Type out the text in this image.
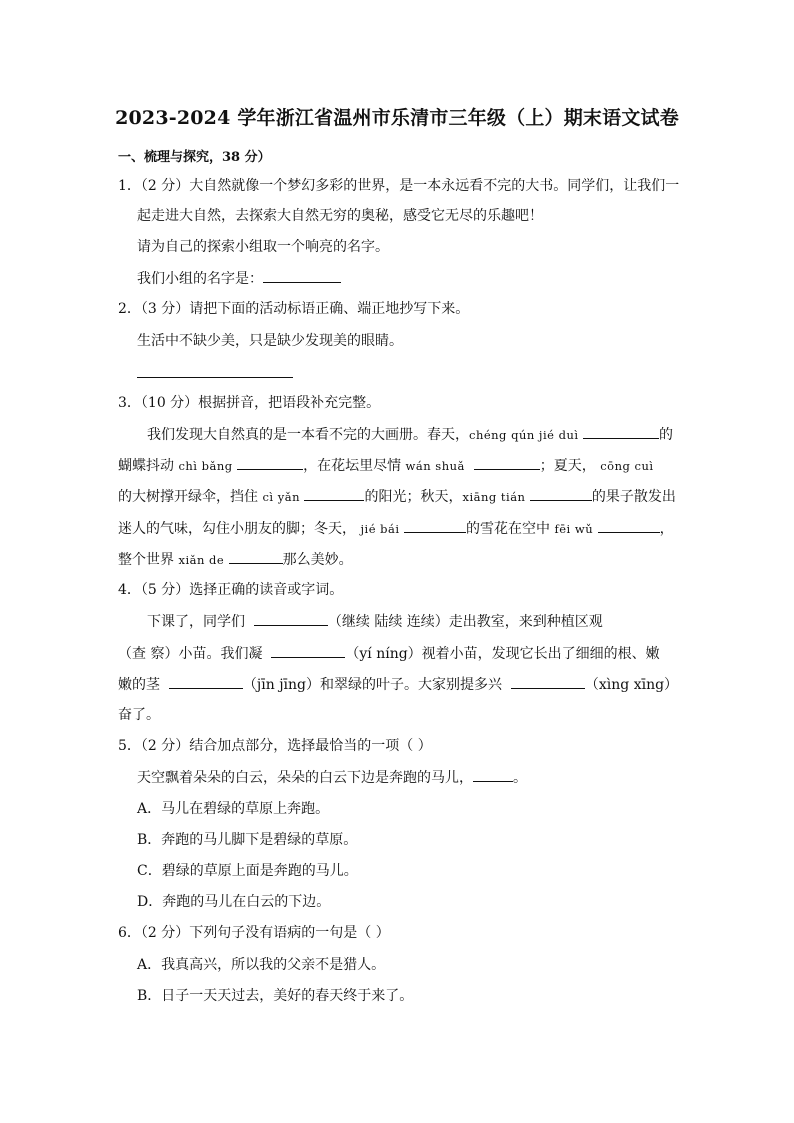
2023-2024 学年浙江省温州市乐清市三年级（上）期末语文试卷
一、梳理与探究，38 分）
1．（2 分）大自然就像一个梦幻多彩的世界，是一本永远看不完的大书。同学们，让我们一
起走进大自然，去探索大自然无穷的奥秘，感受它无尽的乐趣吧！
请为自己的探索小组取一个响亮的名字。
我们小组的名字是：
2．（3 分）请把下面的活动标语正确、端正地抄写下来。
生活中不缺少美，只是缺少发现美的眼睛。
3．（10 分）根据拼音，把语段补充完整。
我们发现大自然真的是一本看不完的大画册。春天，chéng qún jié duì	的
蝴蝶抖动 chì bǎng	，在花坛里尽情 wán shuǎ	；夏天， cōng cuì
的大树撑开绿伞，挡住 cì yǎn	的阳光；秋天，xiāng tián	的果子散发出
迷人的气味，勾住小朋友的脚；冬天， jié bái	的雪花在空中 fēi wǔ	，
整个世界 xiǎn de	那么美妙。
4．（5 分）选择正确的读音或字词。
下课了，同学们	（继续 陆续 连续）走出教室，来到种植区观
（查 察）小苗。我们凝	（yí níng）视着小苗，发现它长出了细细的根、嫩
嫩的茎	（jīn jīng）和翠绿的叶子。大家别提多兴	（xìng xīng）
奋了。
5．（2 分）结合加点部分，选择最恰当的一项（ ）
天空飘着朵朵的白云，朵朵的白云下边是奔跑的马儿，	。
A．马儿在碧绿的草原上奔跑。
B．奔跑的马儿脚下是碧绿的草原。
C．碧绿的草原上面是奔跑的马儿。
D．奔跑的马儿在白云的下边。
6．（2 分）下列句子没有语病的一句是（ ）
A．我真高兴，所以我的父亲不是猎人。
B．日子一天天过去，美好的春天终于来了。
